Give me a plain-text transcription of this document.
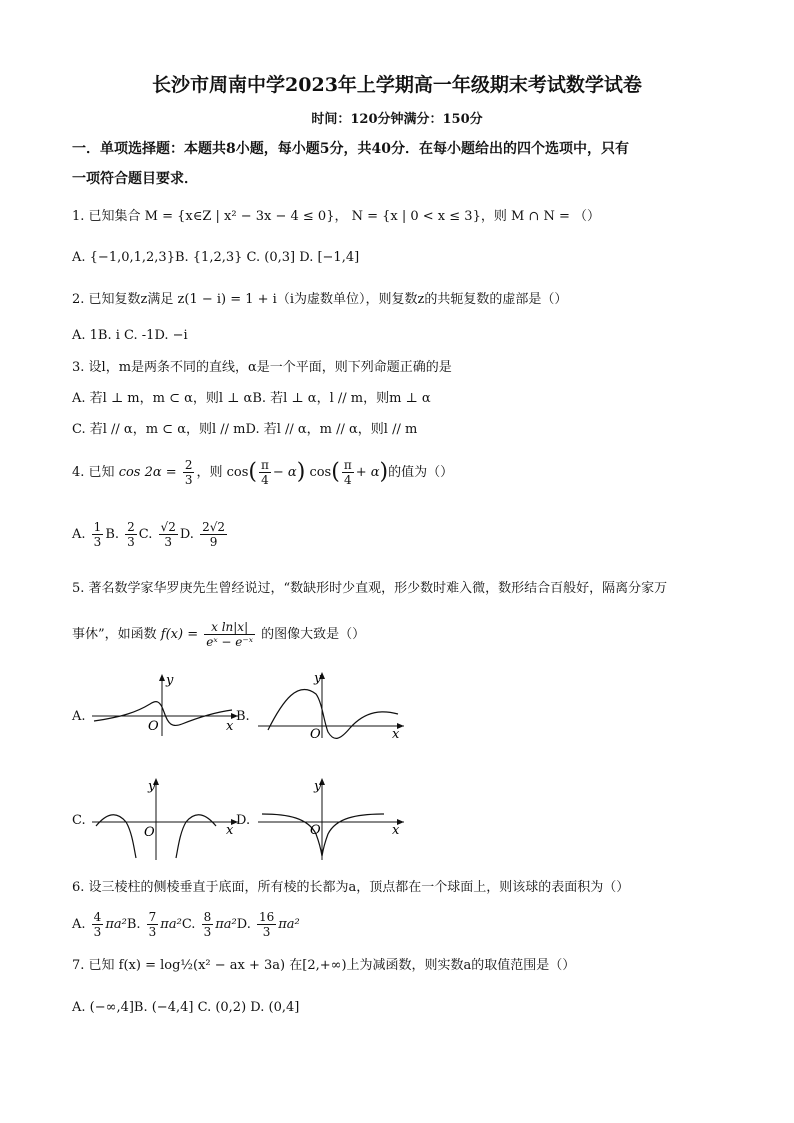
长沙市周南中学2023年上学期高一年级期末考试数学试卷
时间：120分钟满分：150分
一．单项选择题：本题共8小题，每小题5分，共40分．在每小题给出的四个选项中，只有
一项符合题目要求．
1. 已知集合 M = {x∈Z | x² − 3x − 4 ≤ 0}， N = {x | 0 < x ≤ 3}，则 M ∩ N = （）
A. {−1,0,1,2,3}B. {1,2,3} C. (0,3] D. [−1,4]
2. 已知复数z满足 z(1 − i) = 1 + i（i为虚数单位），则复数z的共轭复数的虚部是（）
A. 1B. i C. -1D. −i
3. 设l，m是两条不同的直线，α是一个平面，则下列命题正确的是
A. 若l ⊥ m，m ⊂ α，则l ⊥ αB. 若l ⊥ α，l // m，则m ⊥ α
C. 若l // α，m ⊂ α，则l // mD. 若l // α，m // α，则l // m
4. 已知 $\cos 2\alpha = \frac{2}{3}$ ，则 $\cos( \frac{\pi}{4} - \alpha)$ $\cos( \frac{\pi}{4} + \alpha)$的值为（）
A. $\frac{1}{3} B$. $\frac{2}{3} C$. $\frac{√2}{3} D$. $\frac{2√2}{9}$
5. 著名数学家华罗庚先生曾经说过，“数缺形时少直观，形少数时难入微，数形结合百般好，隔离分家万
事休”，如函数 $f(x) = \frac{\text{x ln|x|}}{\text{eˣ − e⁻ˣ}}$ 的图像大致是（）
A.
O	x
y
B.
O	x
y
C.
O	x
y
D.
O	x
y
6. 设三棱柱的侧棱垂直于底面，所有棱的长都为a，顶点都在一个球面上，则该球的表面积为（）
A. $\frac{4}{3} \pi a^2B$. $\frac{7}{3} \pi a^2C$. $\frac{8}{3} \pi a^2D$. $\frac{16}{3} \pi a^2$
7. 已知 f(x) = log½(x² − ax + 3a) 在[2,+∞)上为减函数，则实数a的取值范围是（）
A. (−∞,4]B. (−4,4] C. (0,2) D. (0,4]
